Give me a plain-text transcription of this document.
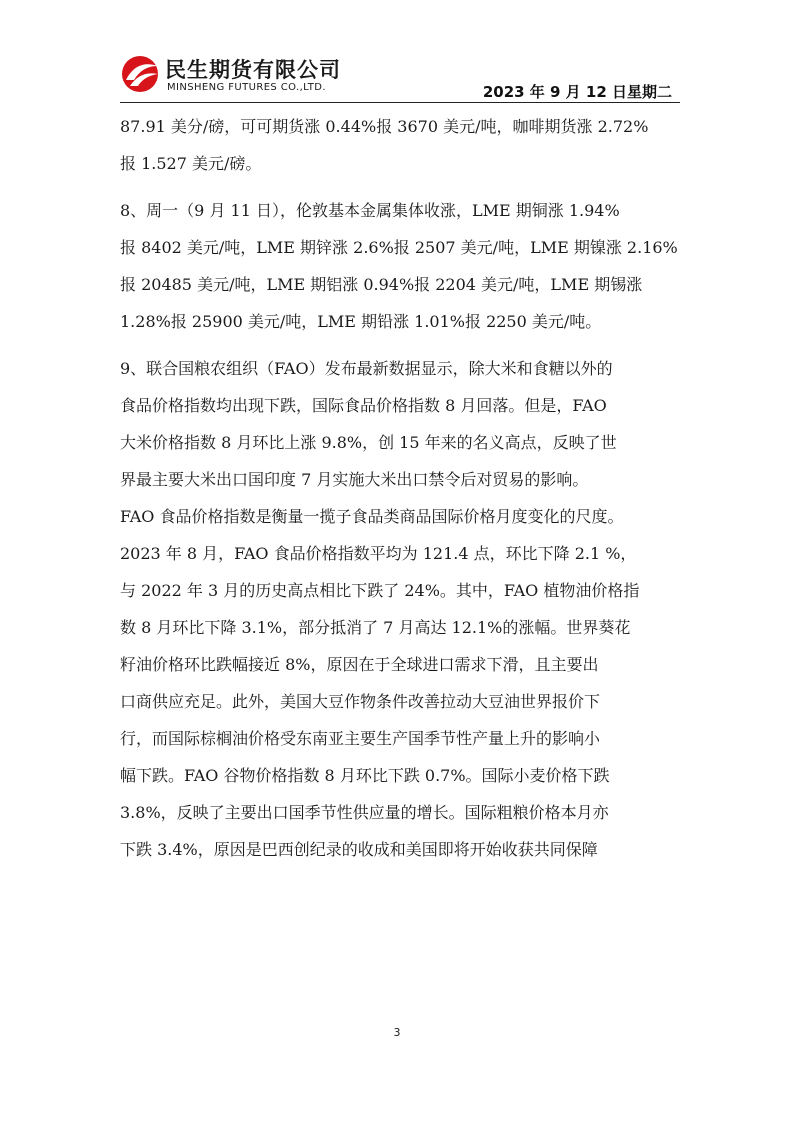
民生期货有限公司
MINSHENG FUTURES CO.,LTD.	2023 年 9 月 12 日星期二

87.91 美分/磅，可可期货涨 0.44%报 3670 美元/吨，咖啡期货涨 2.72%
报 1.527 美元/磅。

8、周一（9 月 11 日），伦敦基本金属集体收涨，LME 期铜涨 1.94%
报 8402 美元/吨，LME 期锌涨 2.6%报 2507 美元/吨，LME 期镍涨 2.16%
报 20485 美元/吨，LME 期铝涨 0.94%报 2204 美元/吨，LME 期锡涨
1.28%报 25900 美元/吨，LME 期铅涨 1.01%报 2250 美元/吨。

9、联合国粮农组织（FAO）发布最新数据显示，除大米和食糖以外的
食品价格指数均出现下跌，国际食品价格指数 8 月回落。但是，FAO
大米价格指数 8 月环比上涨 9.8%，创 15 年来的名义高点，反映了世
界最主要大米出口国印度 7 月实施大米出口禁令后对贸易的影响。
FAO 食品价格指数是衡量一揽子食品类商品国际价格月度变化的尺度。
2023 年 8 月，FAO 食品价格指数平均为 121.4 点，环比下降 2.1 %，
与 2022 年 3 月的历史高点相比下跌了 24%。其中，FAO 植物油价格指
数 8 月环比下降 3.1%，部分抵消了 7 月高达 12.1%的涨幅。世界葵花
籽油价格环比跌幅接近 8%，原因在于全球进口需求下滑，且主要出
口商供应充足。此外，美国大豆作物条件改善拉动大豆油世界报价下
行，而国际棕榈油价格受东南亚主要生产国季节性产量上升的影响小
幅下跌。FAO 谷物价格指数 8 月环比下跌 0.7%。国际小麦价格下跌
3.8%，反映了主要出口国季节性供应量的增长。国际粗粮价格本月亦
下跌 3.4%，原因是巴西创纪录的收成和美国即将开始收获共同保障

3
